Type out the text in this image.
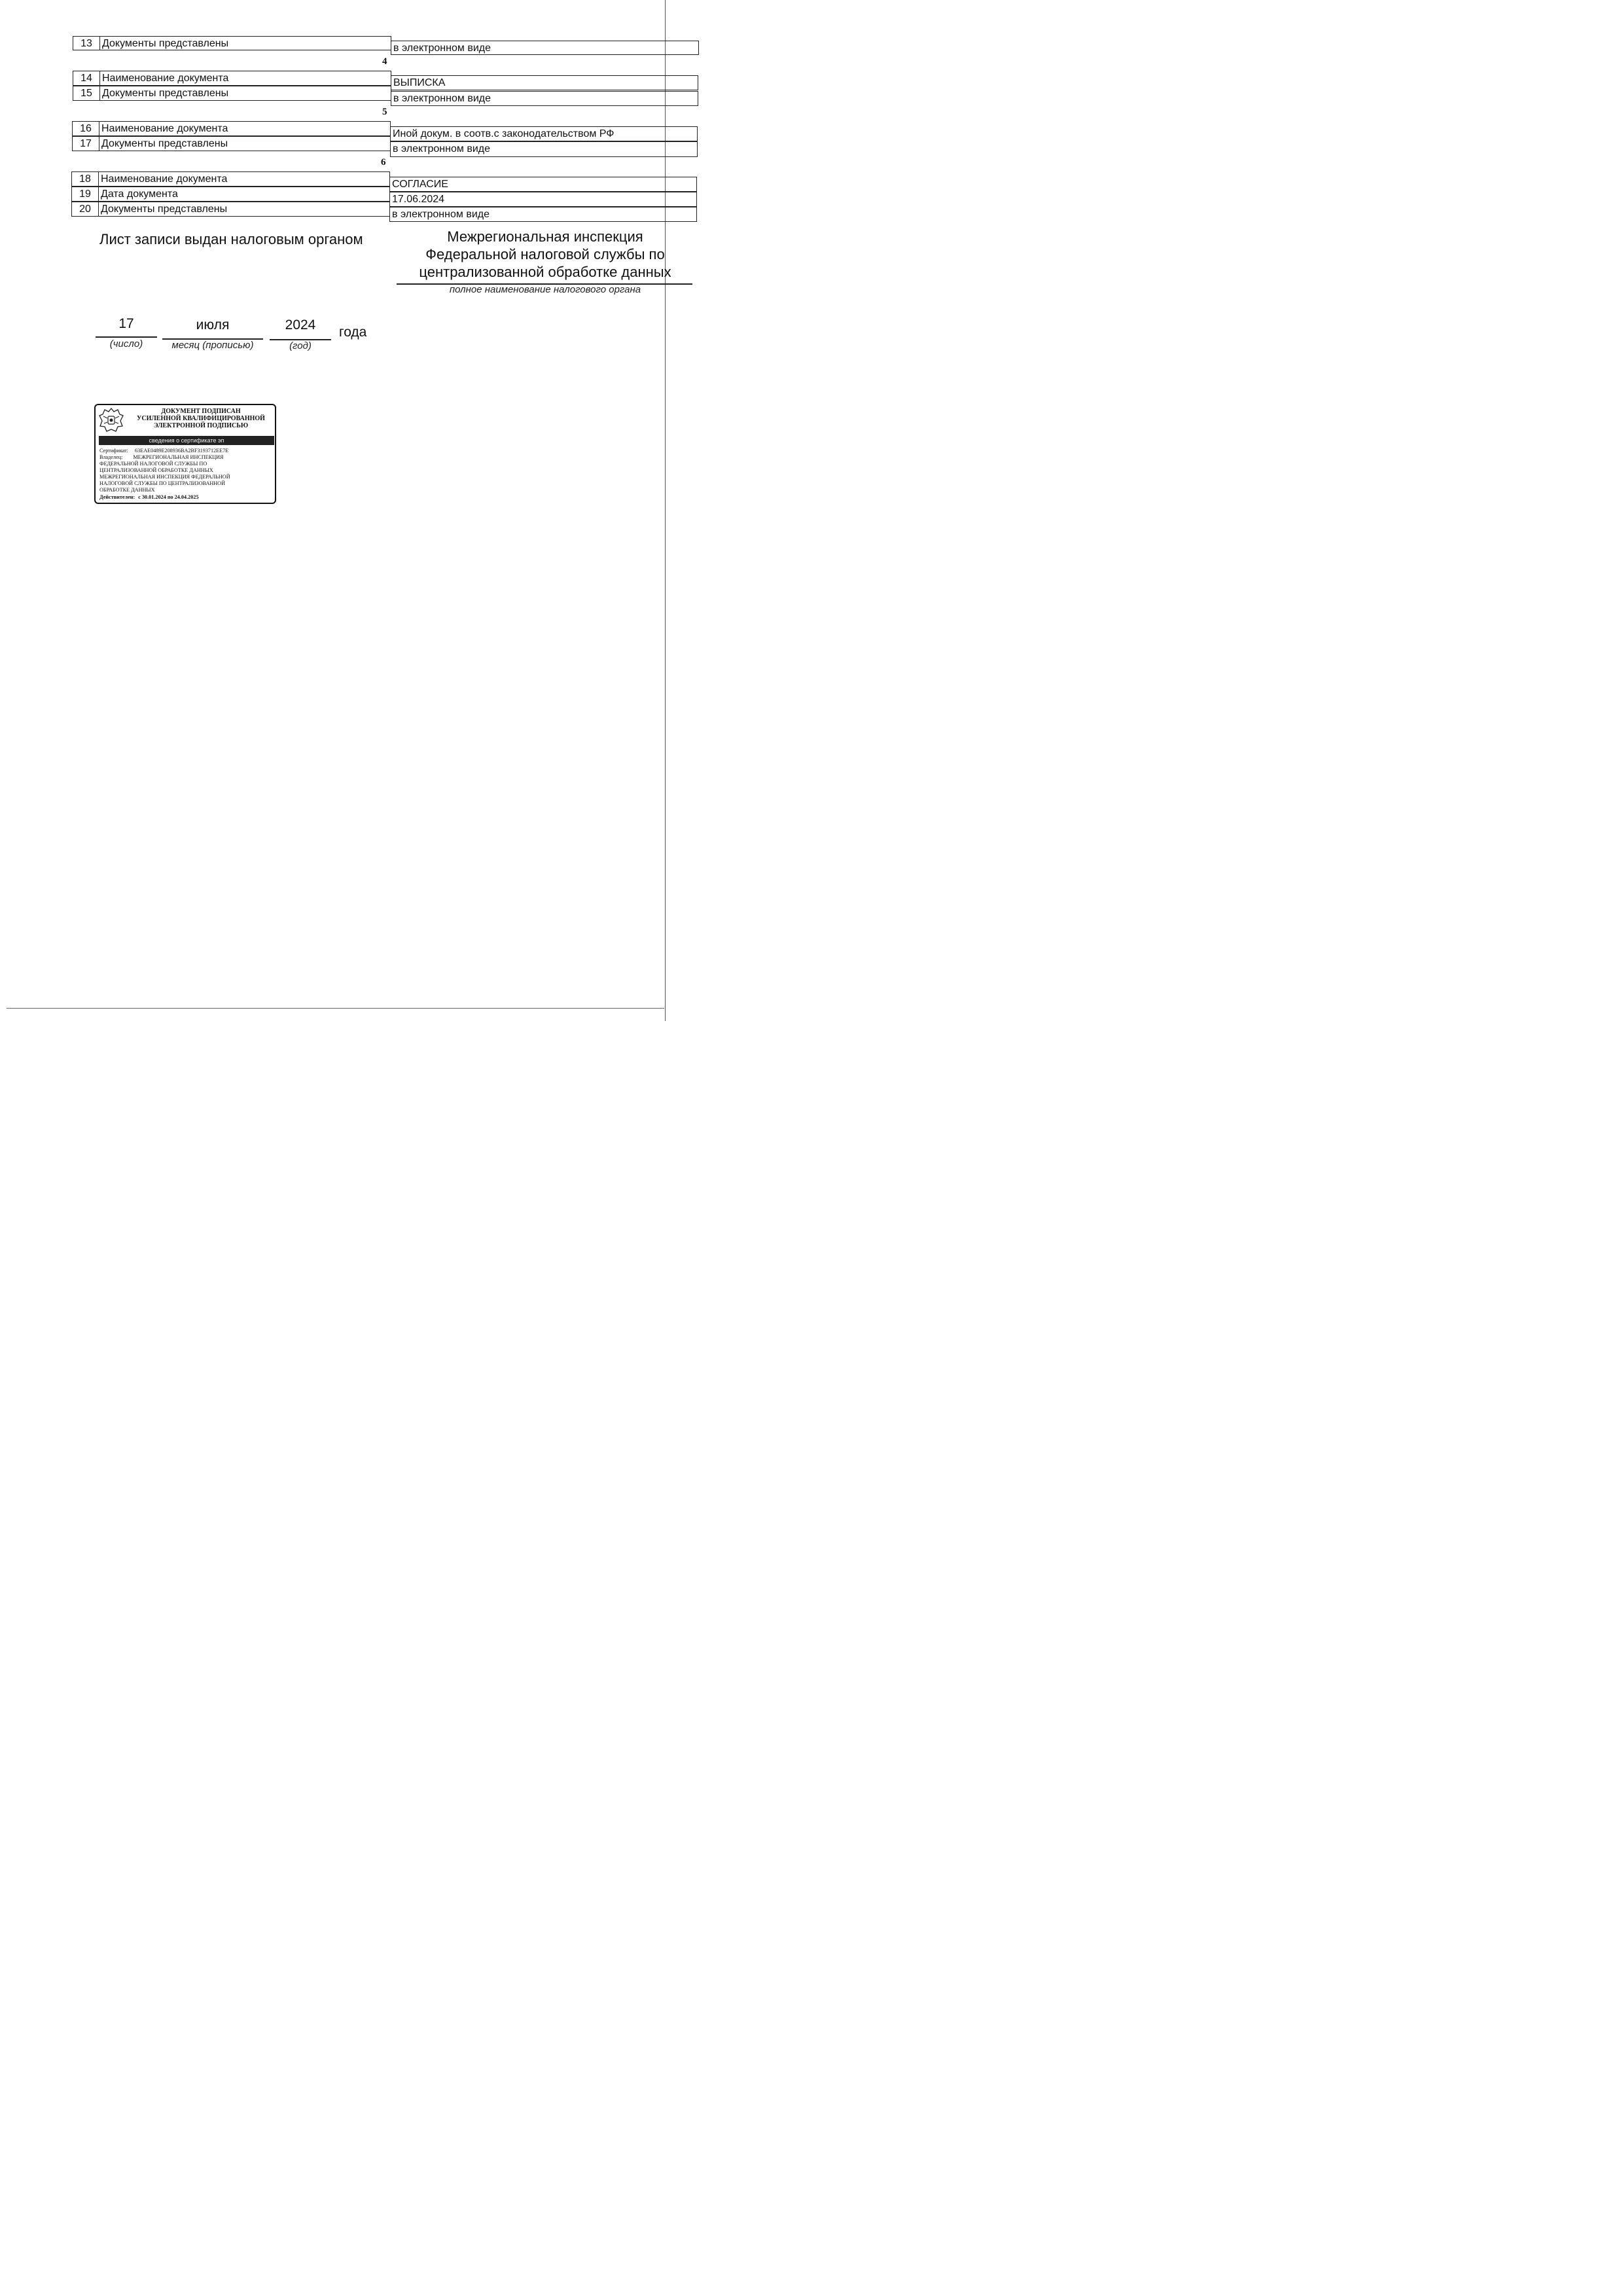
13 Документы представлены	в электронном виде
4
14 Наименование документа	ВЫПИСКА
15 Документы представлены	в электронном виде
5
16 Наименование документа	Иной докум. в соотв.с законодательством РФ
17 Документы представлены	в электронном виде
6
18 Наименование документа	СОГЛАСИЕ
19 Дата документа	17.06.2024
20 Документы представлены	в электронном виде
Лист записи выдан налоговым органом	Межрегиональная инспекция
Федеральной налоговой службы по
централизованной обработке данных
полное наименование налогового органа
17
(число)
июля
месяц (прописью)
2024
(год)
года
ДОКУМЕНТ ПОДПИСАН
УСИЛЕННОЙ КВАЛИФИЦИРОВАННОЙ
ЭЛЕКТРОННОЙ ПОДПИСЬЮ
сведения о сертификате эп
Сертификат: 63EAE0489E208936BA2BF3193712EE7E
Владелец: МЕЖРЕГИОНАЛЬНАЯ ИНСПЕКЦИЯ
ФЕДЕРАЛЬНОЙ НАЛОГОВОЙ СЛУЖБЫ ПО
ЦЕНТРАЛИЗОВАННОЙ ОБРАБОТКЕ ДАННЫХ
МЕЖРЕГИОНАЛЬНАЯ ИНСПЕКЦИЯ ФЕДЕРАЛЬНОЙ
НАЛОГОВОЙ СЛУЖБЫ ПО ЦЕНТРАЛИЗОВАННОЙ
ОБРАБОТКЕ ДАННЫХ
Действителен: с 30.01.2024 по 24.04.2025
